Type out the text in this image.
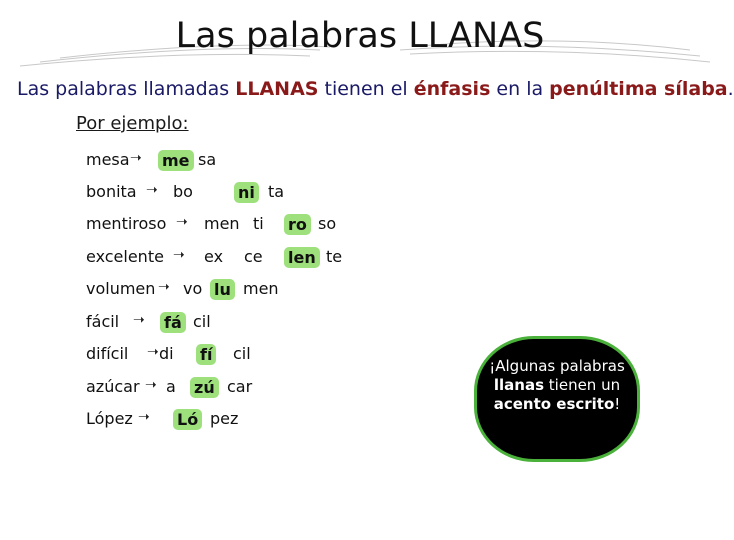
Las palabras LLANAS
Las palabras llamadas LLANAS tienen el énfasis en la penúltima sílaba.
Por ejemplo:
mesa ➝ me sa
bonita ➝ bo	ni ta
mentiroso ➝ men ti ro so
excelente ➝ ex ce len te
volumen ➝ vo lu men
fácil ➝ fá cil
difícil ➝ di fí cil
azúcar ➝ a zú car
López ➝ Ló pez
¡Algunas palabras
llanas tienen un
acento escrito!
